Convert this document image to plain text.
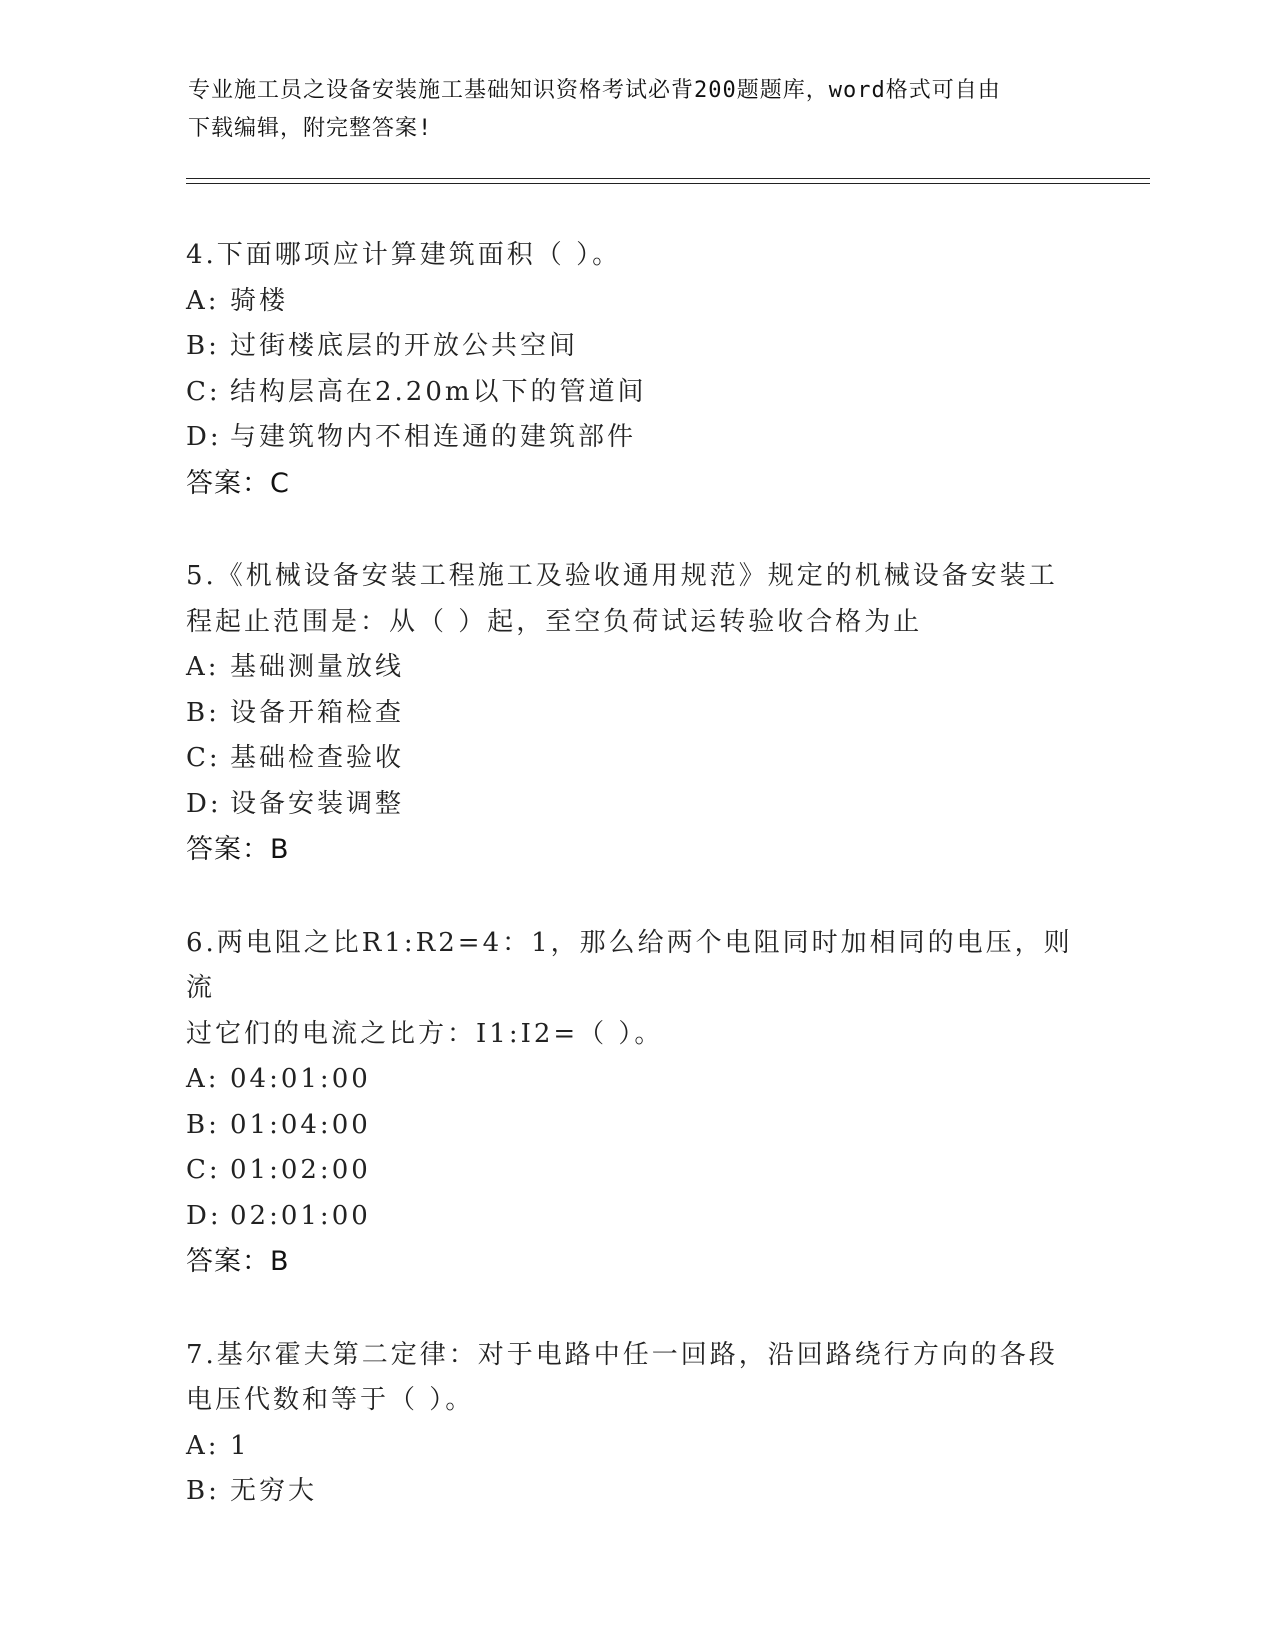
专业施工员之设备安装施工基础知识资格考试必背200题题库，word格式可自由
下载编辑，附完整答案!
4.下面哪项应计算建筑面积（ ）。
A: 骑楼
B: 过街楼底层的开放公共空间
C: 结构层高在2.20m以下的管道间
D: 与建筑物内不相连通的建筑部件
答案：C
5.《机械设备安装工程施工及验收通用规范》规定的机械设备安装工
程起止范围是：从（ ）起，至空负荷试运转验收合格为止
A: 基础测量放线
B: 设备开箱检查
C: 基础检查验收
D: 设备安装调整
答案：B
6.两电阻之比R1:R2=4：1，那么给两个电阻同时加相同的电压，则流
过它们的电流之比方：I1:I2=（ ）。
A: 04:01:00
B: 01:04:00
C: 01:02:00
D: 02:01:00
答案：B
7.基尔霍夫第二定律：对于电路中任一回路，沿回路绕行方向的各段
电压代数和等于（ ）。
A: 1
B: 无穷大
